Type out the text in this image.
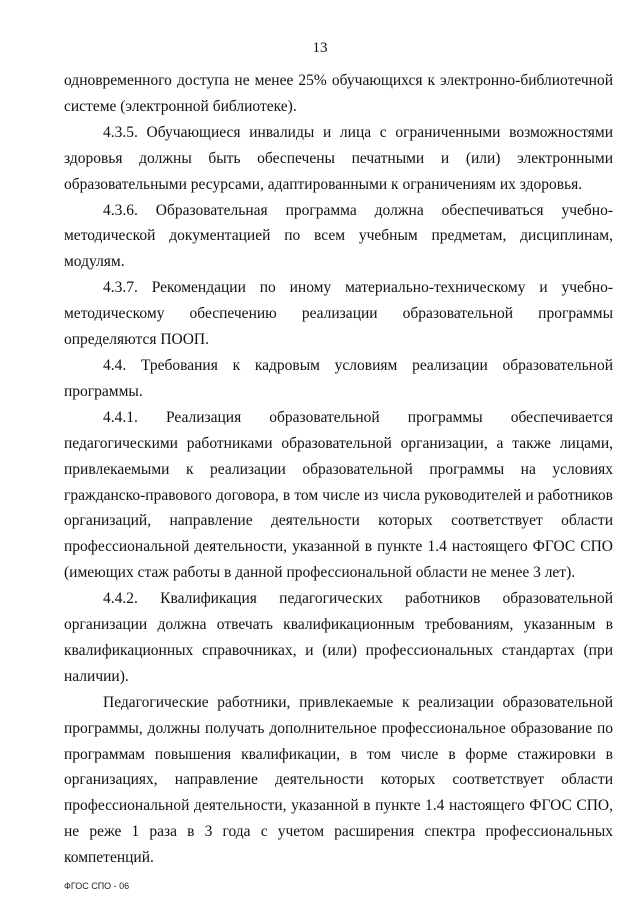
13

одновременного доступа не менее 25% обучающихся к электронно-библиотечной системе (электронной библиотеке).

4.3.5. Обучающиеся инвалиды и лица с ограниченными возможностями здоровья должны быть обеспечены печатными и (или) электронными образовательными ресурсами, адаптированными к ограничениям их здоровья.

4.3.6. Образовательная программа должна обеспечиваться учебно-методической документацией по всем учебным предметам, дисциплинам, модулям.

4.3.7. Рекомендации по иному материально-техническому и учебно-методическому обеспечению реализации образовательной программы определяются ПООП.

4.4. Требования к кадровым условиям реализации образовательной программы.

4.4.1. Реализация образовательной программы обеспечивается педагогическими работниками образовательной организации, а также лицами, привлекаемыми к реализации образовательной программы на условиях гражданско-правового договора, в том числе из числа руководителей и работников организаций, направление деятельности которых соответствует области профессиональной деятельности, указанной в пункте 1.4 настоящего ФГОС СПО (имеющих стаж работы в данной профессиональной области не менее 3 лет).

4.4.2. Квалификация педагогических работников образовательной организации должна отвечать квалификационным требованиям, указанным в квалификационных справочниках, и (или) профессиональных стандартах (при наличии).

Педагогические работники, привлекаемые к реализации образовательной программы, должны получать дополнительное профессиональное образование по программам повышения квалификации, в том числе в форме стажировки в организациях, направление деятельности которых соответствует области профессиональной деятельности, указанной в пункте 1.4 настоящего ФГОС СПО, не реже 1 раза в 3 года с учетом расширения спектра профессиональных компетенций.

ФГОС СПО - 06
